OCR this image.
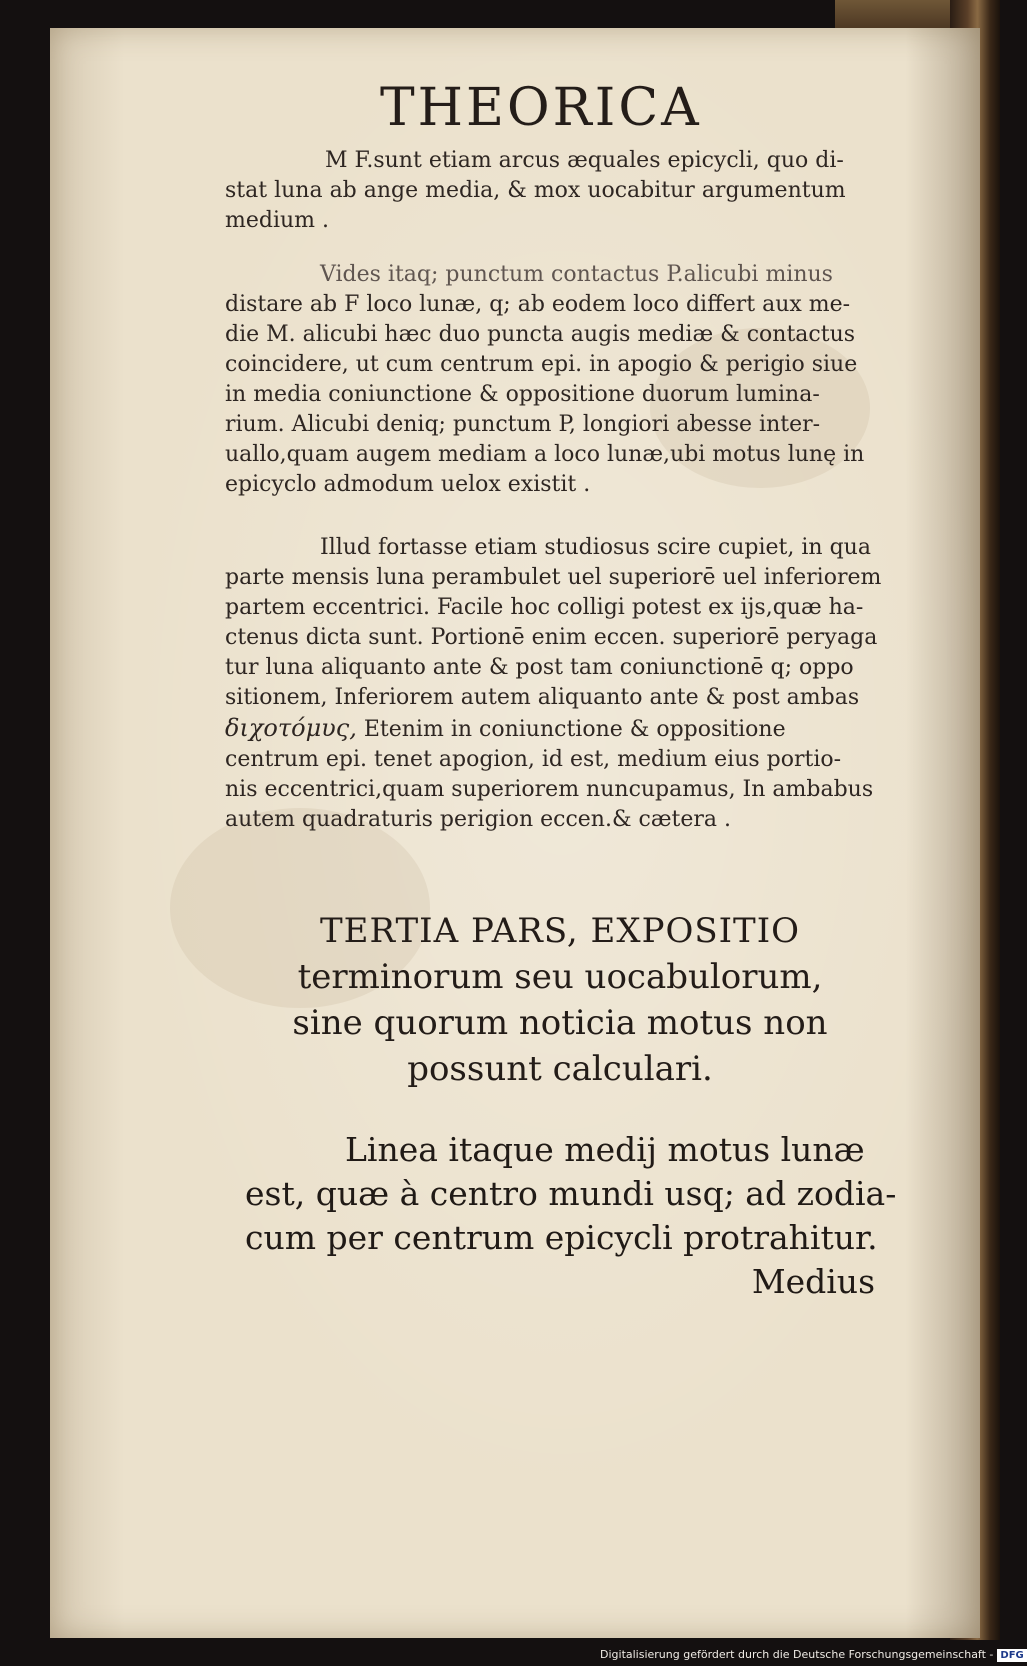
THEORICA
M F.sunt etiam arcus æquales epicycli, quo di-
stat luna ab ange media, & mox uocabitur argumentum
medium .
Vides itaq; punctum contactus P.alicubi minus
distare ab F loco lunæ, q; ab eodem loco differt aux me-
die M. alicubi hæc duo puncta augis mediæ & contactus
coincidere, ut cum centrum epi. in apogio & perigio siue
in media coniunctione & oppositione duorum lumina-
rium. Alicubi deniq; punctum P, longiori abesse inter-
uallo,quam augem mediam a loco lunæ,ubi motus lunę in
epicyclo admodum uelox existit .
Illud fortasse etiam studiosus scire cupiet, in qua
parte mensis luna perambulet uel superiorē uel inferiorem
partem eccentrici. Facile hoc colligi potest ex ijs,quæ ha-
ctenus dicta sunt. Portionē enim eccen. superiorē perуaga
tur luna aliquanto ante & post tam coniunctionē q; oppo
sitionem, Inferiorem autem aliquanto ante & post ambas
διχοτόμυς, Etenim in coniunctione & oppositione
centrum epi. tenet apogion, id est, medium eius portio-
nis eccentrici,quam superiorem nuncupamus, In ambabus
autem quadraturis perigion eccen.& cætera .
TERTIA PARS, EXPOSITIO
terminorum seu uocabulorum,
sine quorum noticia motus non
possunt calculari.
Linea itaque medij motus lunæ
est, quæ à centro mundi usq; ad zodia-
cum per centrum epicycli protrahitur.
Medius
Digitalisierung gefördert durch die Deutsche Forschungsgemeinschaft - DFG
